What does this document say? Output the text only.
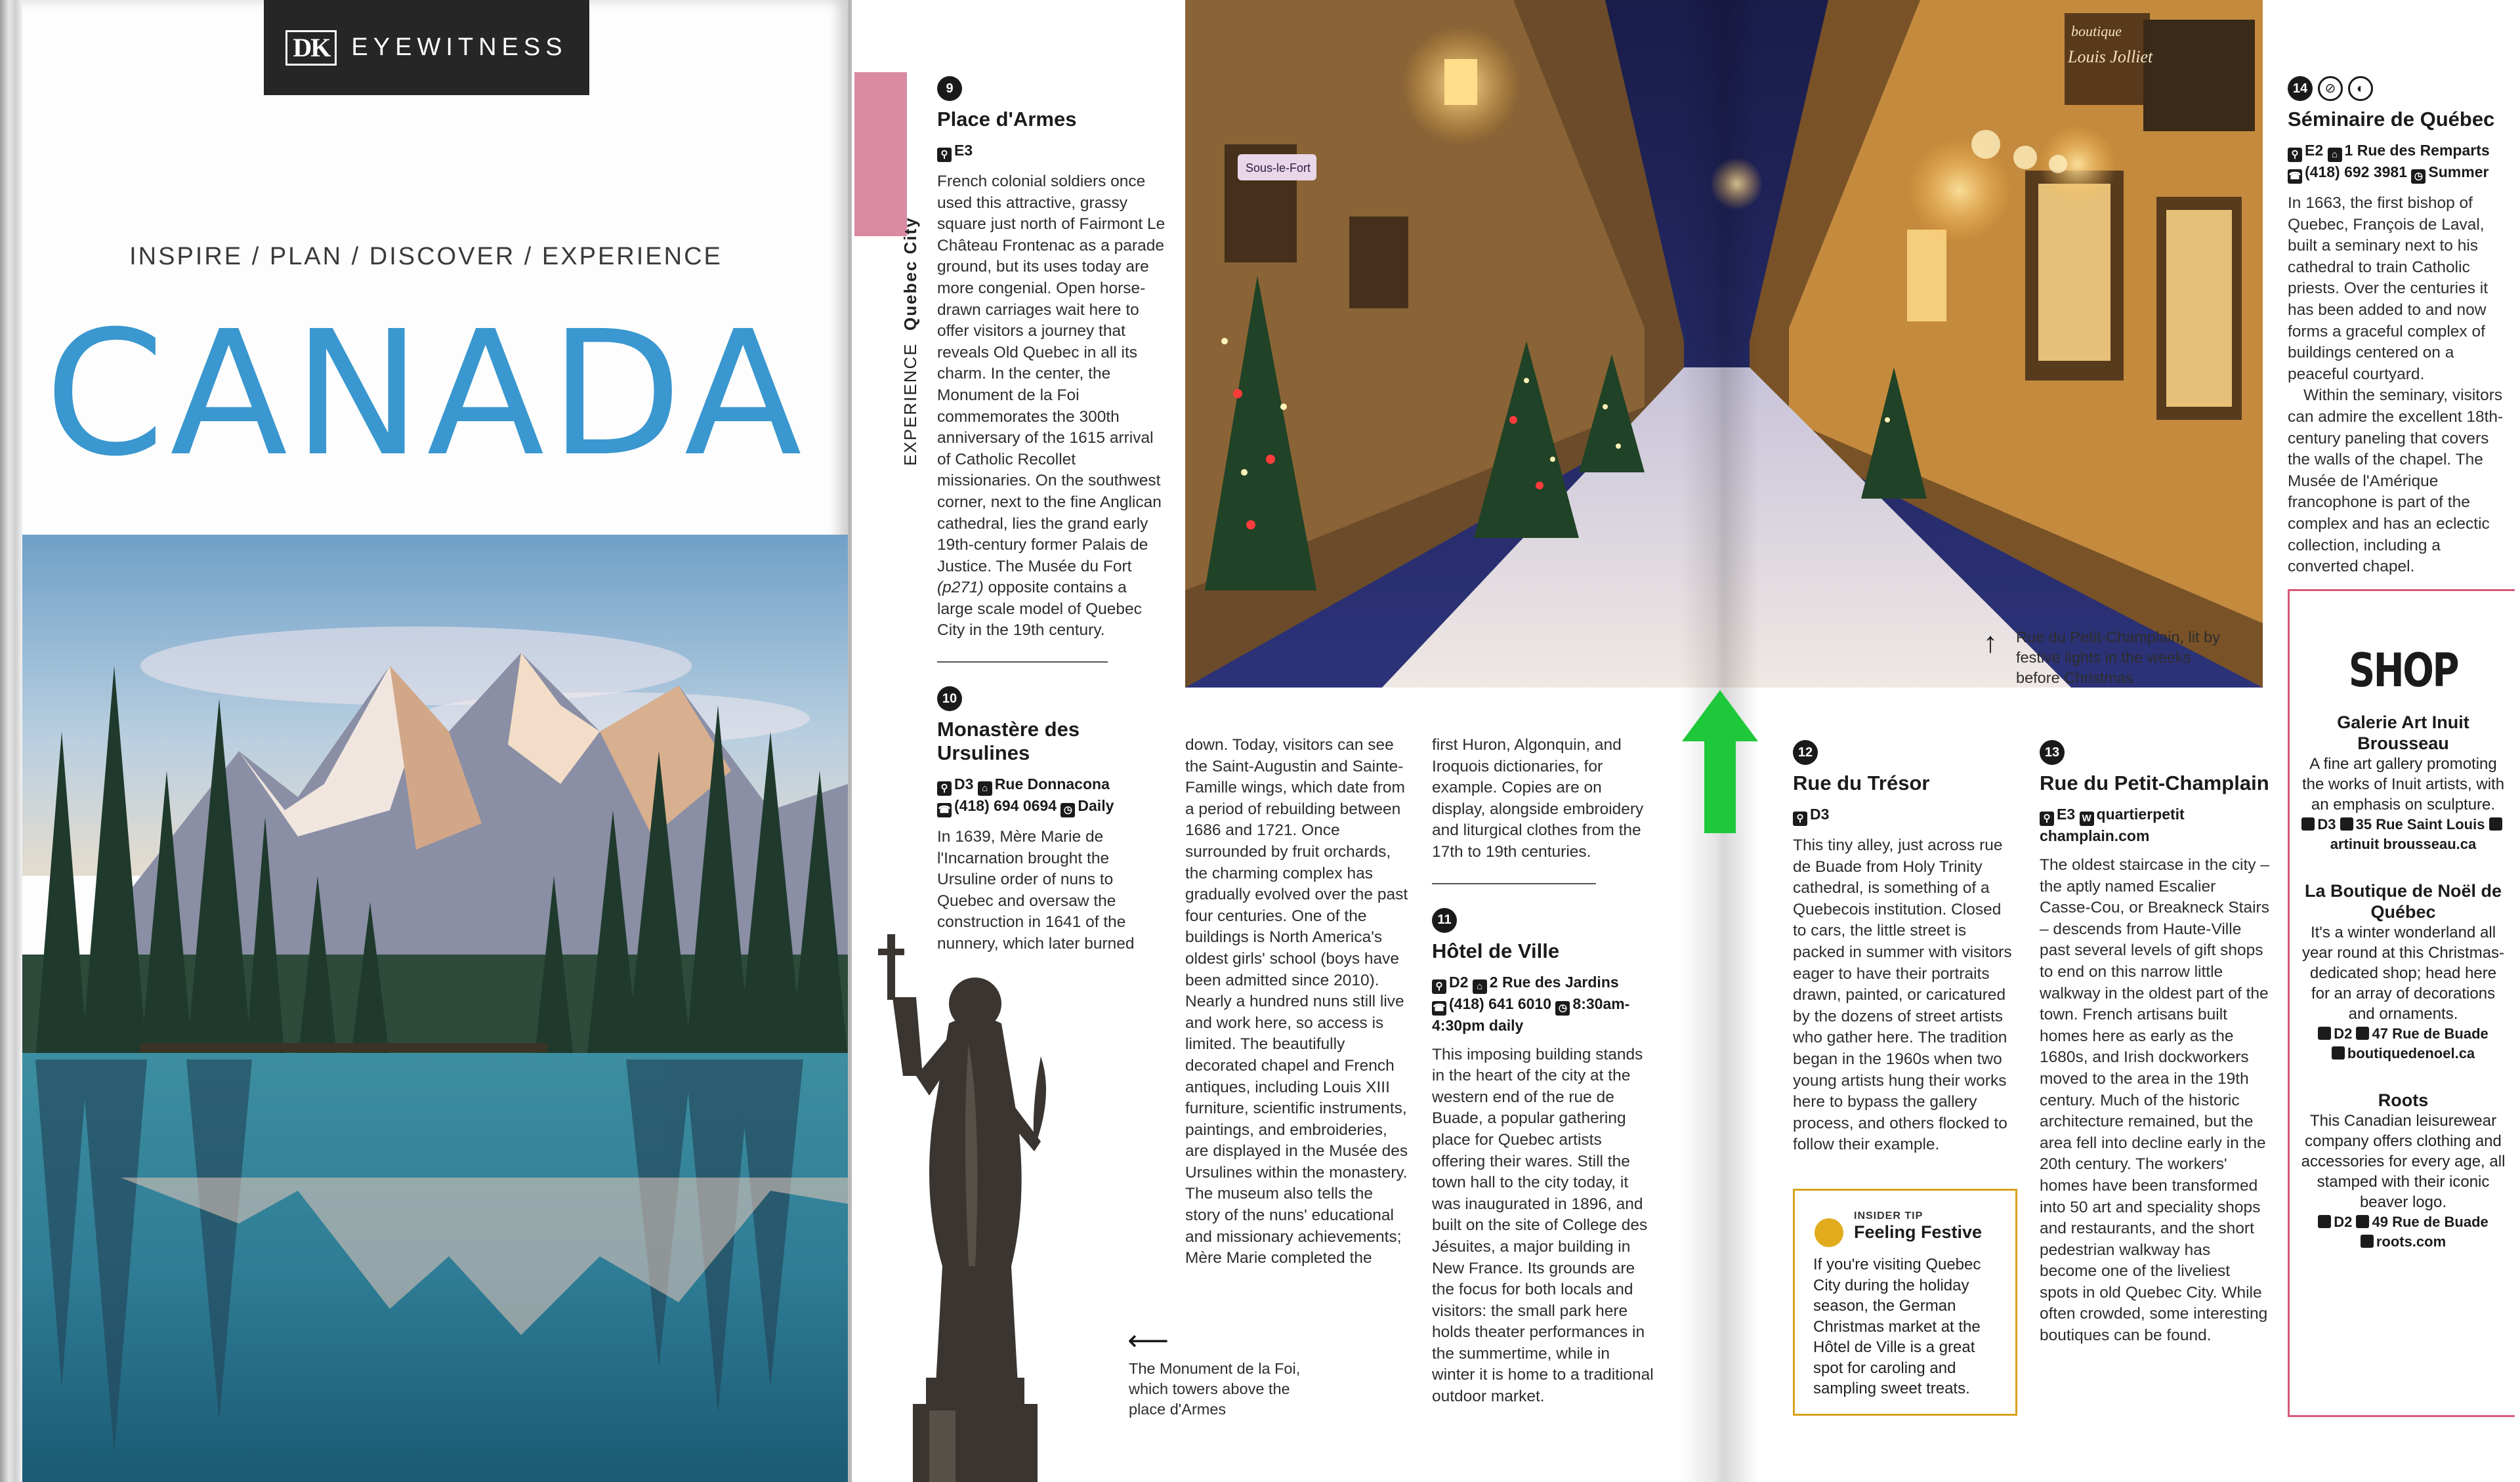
DK EYEWITNESS
INSPIRE / PLAN / DISCOVER / EXPERIENCE
CANADA	EXPERIENCE  Quebec City
9
Place d'Armes
⚲ E3
French colonial soldiers once used this attractive, grassy square just north of Fairmont Le Château Frontenac as a parade ground, but its uses today are more congenial. Open horse-drawn carriages wait here to offer visitors a journey that reveals Old Quebec in all its charm. In the center, the Monument de la Foi commemorates the 300th anniversary of the 1615 arrival of Catholic Recollet missionaries. On the southwest corner, next to the fine Anglican cathedral, lies the grand early 19th-century former Palais de Justice. The Musée du Fort (p271) opposite contains a large scale model of Quebec City in the 19th century.
10
Monastère des Ursulines
⚲ D3 ⌂ Rue Donnacona
☎ (418) 694 0694 ◷ Daily
In 1639, Mère Marie de l'Incarnation brought the Ursuline order of nuns to Quebec and oversaw the construction in 1641 of the nunnery, which later burned
⟵
The Monument de la Foi, which towers above the place d'Armes
boutique
Louis Jolliet
Sous-le-Fort
↑ Rue du Petit-Champlain, lit by festive lights in the weeks before Christmas
down. Today, visitors can see the Saint-Augustin and Sainte-Famille wings, which date from a period of rebuilding between 1686 and 1721. Once surrounded by fruit orchards, the charming complex has gradually evolved over the past four centuries. One of the buildings is North America's oldest girls' school (boys have been admitted since 2010). Nearly a hundred nuns still live and work here, so access is limited. The beautifully decorated chapel and French antiques, including Louis XIII furniture, scientific instruments, paintings, and embroideries, are displayed in the Musée des Ursulines within the monastery. The museum also tells the story of the nuns' educational and missionary achievements; Mère Marie completed the
first Huron, Algonquin, and Iroquois dictionaries, for example. Copies are on display, alongside embroidery and liturgical clothes from the 17th to 19th centuries.
11
Hôtel de Ville
⚲ D2 ⌂ 2 Rue des Jardins
☎ (418) 641 6010 ◷ 8:30am-4:30pm daily
This imposing building stands in the heart of the city at the western end of the rue de Buade, a popular gathering place for Quebec artists offering their wares. Still the town hall to the city today, it was inaugurated in 1896, and built on the site of College des Jésuites, a major building in New France. Its grounds are the focus for both locals and visitors: the small park here holds theater performances in the summertime, while in winter it is home to a traditional outdoor market.
12
Rue du Trésor
⚲ D3
This tiny alley, just across rue de Buade from Holy Trinity cathedral, is something of a Quebecois institution. Closed to cars, the little street is packed in summer with visitors eager to have their portraits drawn, painted, or caricatured by the dozens of street artists who gather here. The tradition began in the 1960s when two young artists hung their works here to bypass the gallery process, and others flocked to follow their example.
INSIDER TIP
Feeling Festive
If you're visiting Quebec City during the holiday season, the German Christmas market at the Hôtel de Ville is a great spot for caroling and sampling sweet treats.
13
Rue du Petit-Champlain
⚲ E3 W quartierpetit champlain.com
The oldest staircase in the city – the aptly named Escalier Casse-Cou, or Breakneck Stairs – descends from Haute-Ville past several levels of gift shops to end on this narrow little walkway in the oldest part of the town. French artisans built homes here as early as the 1680s, and Irish dockworkers moved to the area in the 19th century. Much of the historic architecture remained, but the area fell into decline early in the 20th century. The workers' homes have been transformed into 50 art and speciality shops and restaurants, and the short pedestrian walkway has become one of the liveliest spots in old Quebec City. While often crowded, some interesting boutiques can be found.
14	⊘	◐
Séminaire de Québec
⚲ E2 ⌂ 1 Rue des Remparts
☎ (418) 692 3981 ◷ Summer
In 1663, the first bishop of Quebec, François de Laval, built a seminary next to his cathedral to train Catholic priests. Over the centuries it has been added to and now forms a graceful complex of buildings centered on a peaceful courtyard.
Within the seminary, visitors can admire the excellent 18th-century paneling that covers the walls of the chapel. The Musée de l'Amérique francophone is part of the complex and has an eclectic collection, including a converted chapel.
SHOP
Galerie Art Inuit Brousseau
A fine art gallery promoting the works of Inuit artists, with an emphasis on sculpture.
D3 35 Rue Saint Louis artinuit brousseau.ca
La Boutique de Noël de Québec
It's a winter wonderland all year round at this Christmas-dedicated shop; head here for an array of decorations and ornaments.
D2 47 Rue de Buade
boutiquedenoel.ca
Roots
This Canadian leisurewear company offers clothing and accessories for every age, all stamped with their iconic beaver logo.
D2 49 Rue de Buade
roots.com
